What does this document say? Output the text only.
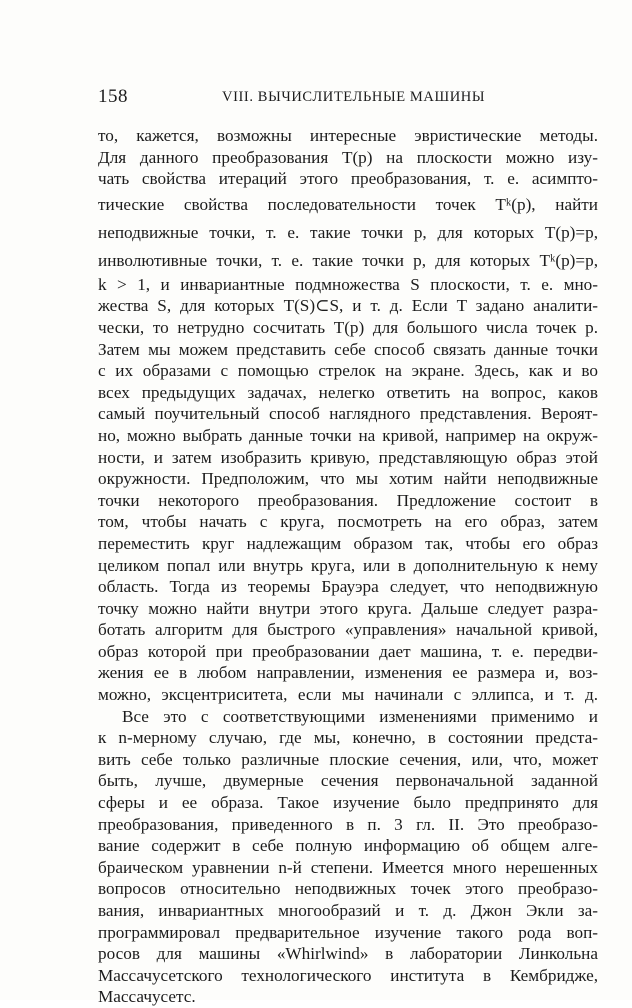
158	VIII. ВЫЧИСЛИТЕЛЬНЫЕ МАШИНЫ
то, кажется, возможны интересные эвристические методы.
Для данного преобразования T(p) на плоскости можно изу-
чать свойства итераций этого преобразования, т. е. асимпто-
тические свойства последовательности точек Tᵏ(p), найти
неподвижные точки, т. е. такие точки p, для которых T(p)=p,
инволютивные точки, т. е. такие точки p, для которых Tᵏ(p)=p,
k > 1, и инвариантные подмножества S плоскости, т. е. мно-
жества S, для которых T(S)⊂S, и т. д. Если T задано аналити-
чески, то нетрудно сосчитать T(p) для большого числа точек p.
Затем мы можем представить себе способ связать данные точки
с их образами с помощью стрелок на экране. Здесь, как и во
всех предыдущих задачах, нелегко ответить на вопрос, каков
самый поучительный способ наглядного представления. Вероят-
но, можно выбрать данные точки на кривой, например на окруж-
ности, и затем изобразить кривую, представляющую образ этой
окружности. Предположим, что мы хотим найти неподвижные
точки некоторого преобразования. Предложение состоит в
том, чтобы начать с круга, посмотреть на его образ, затем
переместить круг надлежащим образом так, чтобы его образ
целиком попал или внутрь круга, или в дополнительную к нему
область. Тогда из теоремы Брауэра следует, что неподвижную
точку можно найти внутри этого круга. Дальше следует разра-
ботать алгоритм для быстрого «управления» начальной кривой,
образ которой при преобразовании дает машина, т. е. передви-
жения ее в любом направлении, изменения ее размера и, воз-
можно, эксцентриситета, если мы начинали с эллипса, и т. д.
Все это с соответствующими изменениями применимо и
к n-мерному случаю, где мы, конечно, в состоянии предста-
вить себе только различные плоские сечения, или, что, может
быть, лучше, двумерные сечения первоначальной заданной
сферы и ее образа. Такое изучение было предпринято для
преобразования, приведенного в п. 3 гл. II. Это преобразо-
вание содержит в себе полную информацию об общем алге-
браическом уравнении n-й степени. Имеется много нерешенных
вопросов относительно неподвижных точек этого преобразо-
вания, инвариантных многообразий и т. д. Джон Экли за-
программировал предварительное изучение такого рода воп-
росов для машины «Whirlwind» в лаборатории Линкольна
Массачусетского технологического института в Кембридже,
Массачусетс.
